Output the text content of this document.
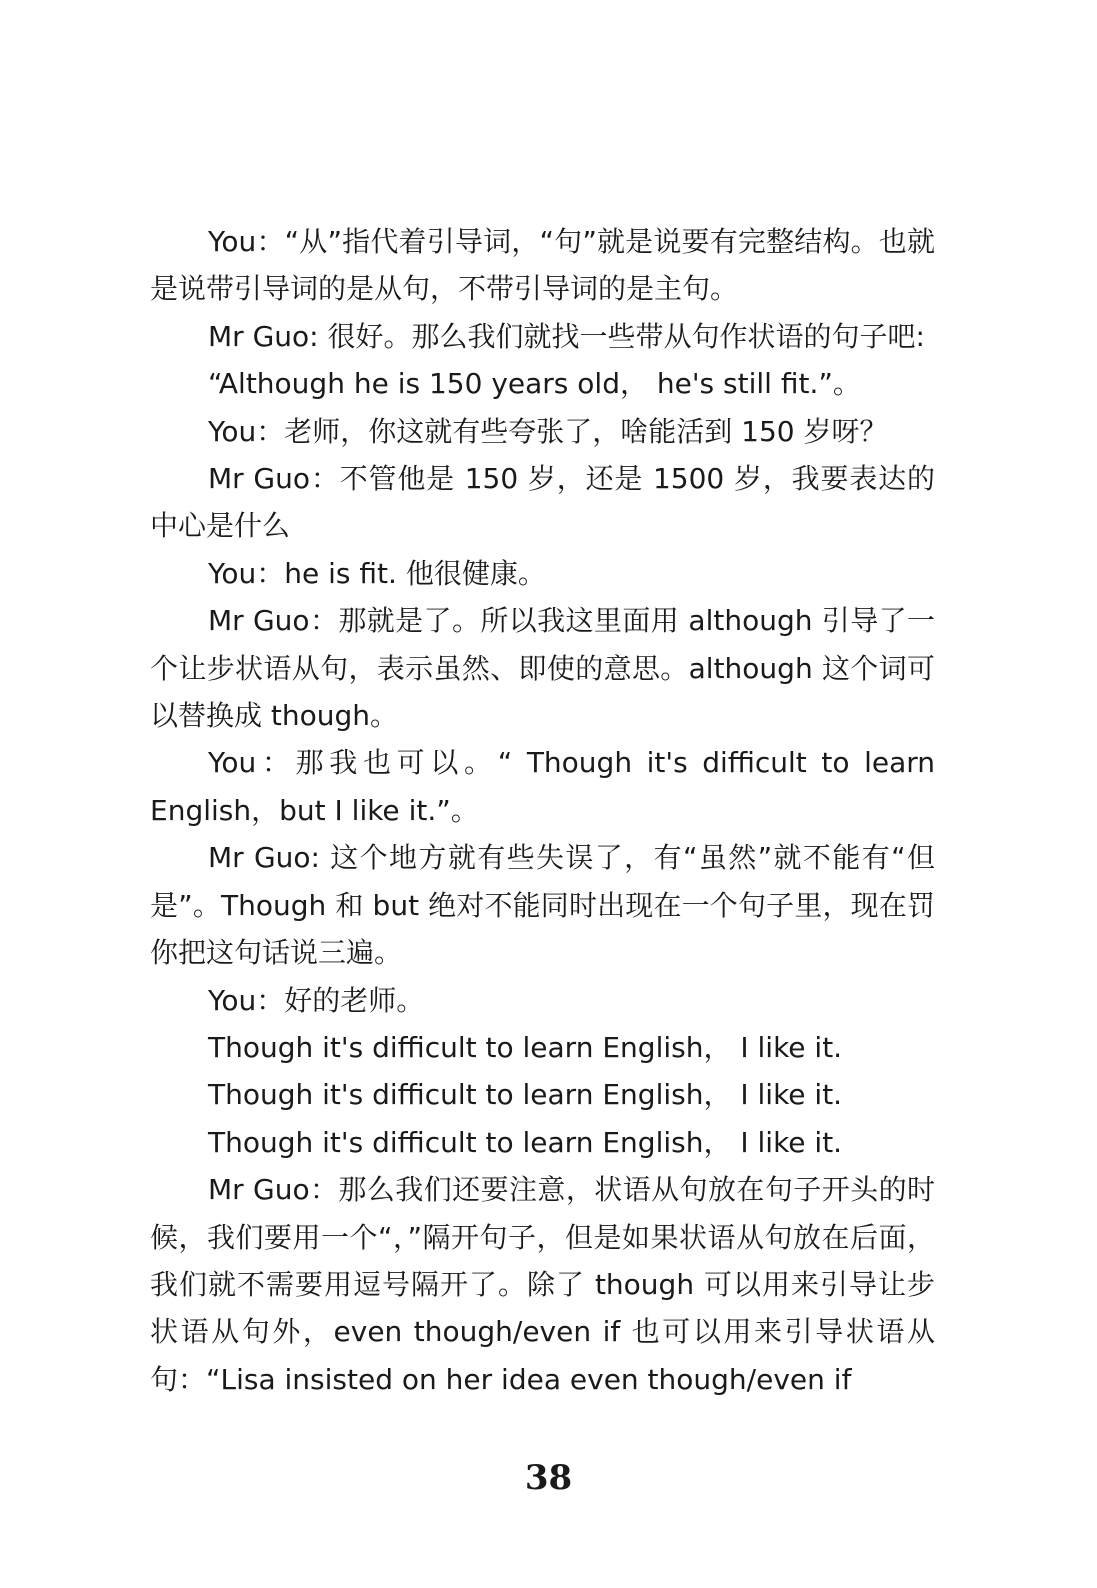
You：“从”指代着引导词，“句”就是说要有完整结构。也就是说带引导词的是从句，不带引导词的是主句。

Mr Guo: 很好。那么我们就找一些带从句作状语的句子吧:

“Although he is 150 years old， he's still fit.”。

You：老师，你这就有些夸张了，啥能活到 150 岁呀？

Mr Guo：不管他是 150 岁，还是 1500 岁，我要表达的中心是什么

You：he is fit. 他很健康。

Mr Guo：那就是了。所以我这里面用 although 引导了一个让步状语从句，表示虽然、即使的意思。although 这个词可以替换成 though。

You：那我也可以。“ Though it's difficult to learn English，but I like it.”。

Mr Guo: 这个地方就有些失误了，有“虽然”就不能有“但是”。Though 和 but 绝对不能同时出现在一个句子里，现在罚你把这句话说三遍。

You：好的老师。

Though it's difficult to learn English， I like it.

Though it's difficult to learn English， I like it.

Though it's difficult to learn English， I like it.

Mr Guo：那么我们还要注意，状语从句放在句子开头的时候，我们要用一个“，”隔开句子，但是如果状语从句放在后面，我们就不需要用逗号隔开了。除了 though 可以用来引导让步状语从句外，even though/even if 也可以用来引导状语从句：“Lisa insisted on her idea even though/even if

38
